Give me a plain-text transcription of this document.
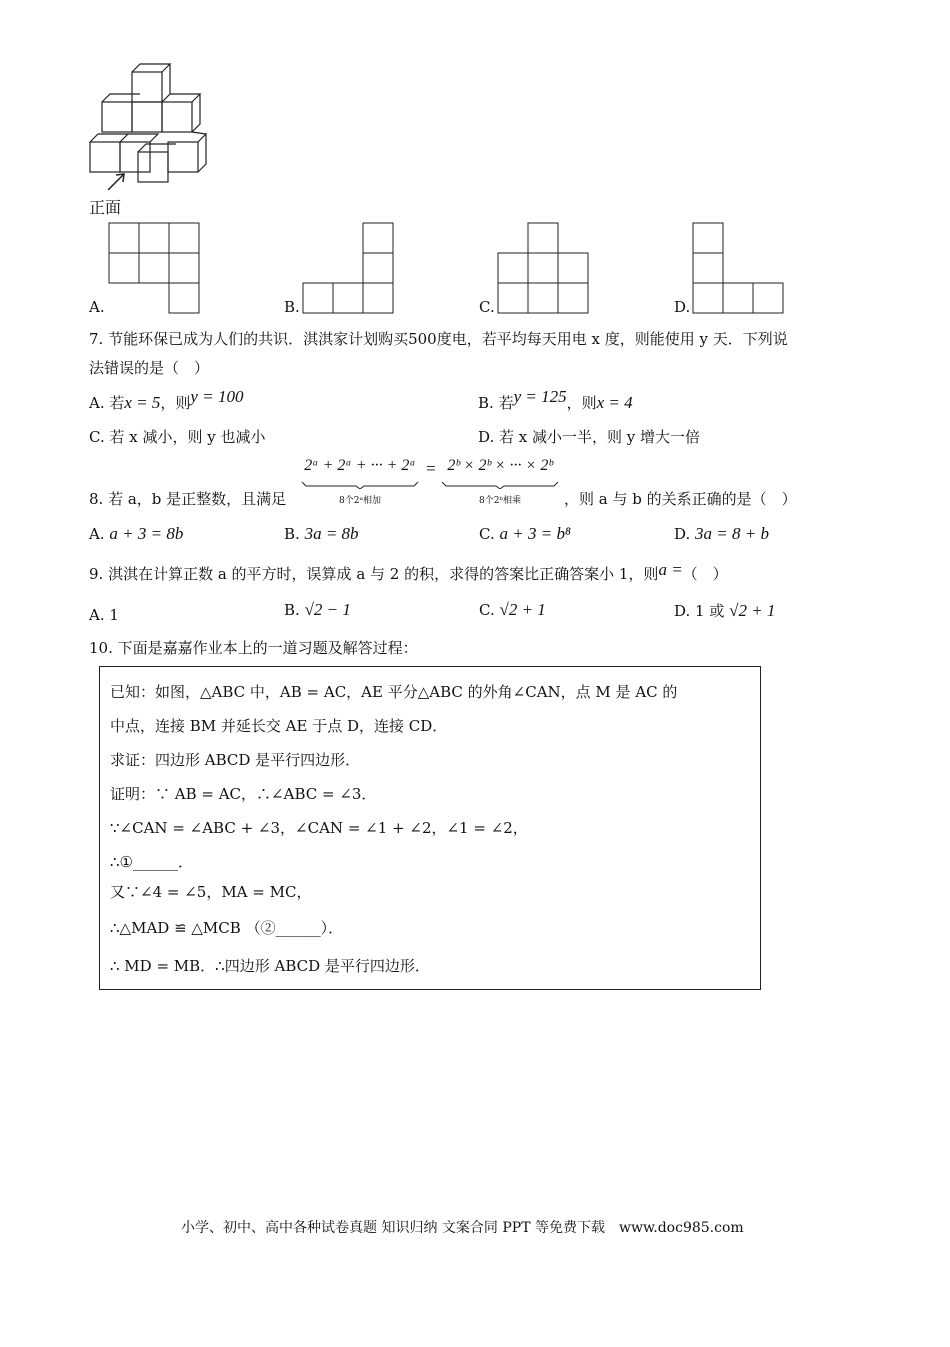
正面
A.	B.	C.	D.
7. 节能环保已成为人们的共识．淇淇家计划购买500度电，若平均每天用电 x 度，则能使用 y 天．下列说
法错误的是（　）
A. 若x = 5，则y = 100	B. 若y = 125，则x = 4
C. 若 x 减小，则 y 也减小	D. 若 x 减小一半，则 y 增大一倍
8. 若 a，b 是正整数，且满足
2ᵃ + 2ᵃ + ··· + 2ᵃ
8个2ᵃ相加
= 2ᵇ × 2ᵇ × ··· × 2ᵇ
8个2ᵇ相乘	，则 a 与 b 的关系正确的是（　）
A. a + 3 = 8b	B. 3a = 8b	C. a + 3 = b⁸	D. 3a = 8 + b
9. 淇淇在计算正数 a 的平方时，误算成 a 与 2 的积，求得的答案比正确答案小 1，则a =（　）
A. 1	B. √2 − 1	C. √2 + 1	D. 1 或 √2 + 1
10. 下面是嘉嘉作业本上的一道习题及解答过程：
已知：如图，△ABC 中，AB = AC，AE 平分△ABC 的外角∠CAN，点 M 是 AC 的
中点，连接 BM 并延长交 AE 于点 D，连接 CD．
求证：四边形 ABCD 是平行四边形．
证明：∵ AB = AC，∴∠ABC = ∠3．
∵∠CAN = ∠ABC + ∠3，∠CAN = ∠1 + ∠2，∠1 = ∠2，
∴①______．
又∵∠4 = ∠5，MA = MC，
∴△MAD ≌ △MCB （②______）．
∴ MD = MB．∴四边形 ABCD 是平行四边形．
小学、初中、高中各种试卷真题 知识归纳 文案合同 PPT 等免费下载　www.doc985.com
